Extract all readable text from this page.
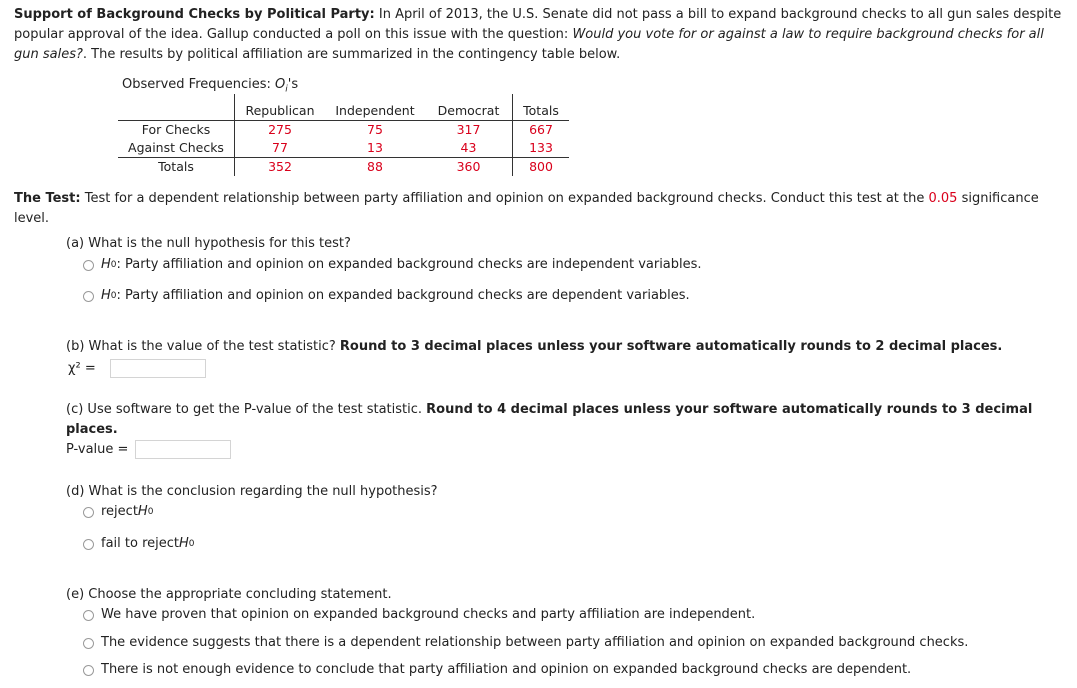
Support of Background Checks by Political Party: In April of 2013, the U.S. Senate did not pass a bill to expand background checks to all gun sales despite popular approval of the idea. Gallup conducted a poll on this issue with the question: Would you vote for or against a law to require background checks for all gun sales?. The results by political affiliation are summarized in the contingency table below.
Observed Frequencies: $O_i's$
	Republican	Independent	Democrat	Totals
For Checks	275	75	317	667
Against Checks	77	13	43	133
Totals	352	88	360	800
The Test: Test for a dependent relationship between party affiliation and opinion on expanded background checks. Conduct this test at the 0.05 significance level.
(a) What is the null hypothesis for this test?
H 0 : Party affiliation and opinion on expanded background checks are independent variables.
H 0 : Party affiliation and opinion on expanded background checks are dependent variables.
(b) What is the value of the test statistic? Round to 3 decimal places unless your software automatically rounds to 2 decimal places.
χ² =
(c) Use software to get the P-value of the test statistic. Round to 4 decimal places unless your software automatically rounds to 3 decimal places.
P-value =
(d) What is the conclusion regarding the null hypothesis?
reject H 0
fail to reject H 0
(e) Choose the appropriate concluding statement.
We have proven that opinion on expanded background checks and party affiliation are independent.
The evidence suggests that there is a dependent relationship between party affiliation and opinion on expanded background checks.
There is not enough evidence to conclude that party affiliation and opinion on expanded background checks are dependent.
